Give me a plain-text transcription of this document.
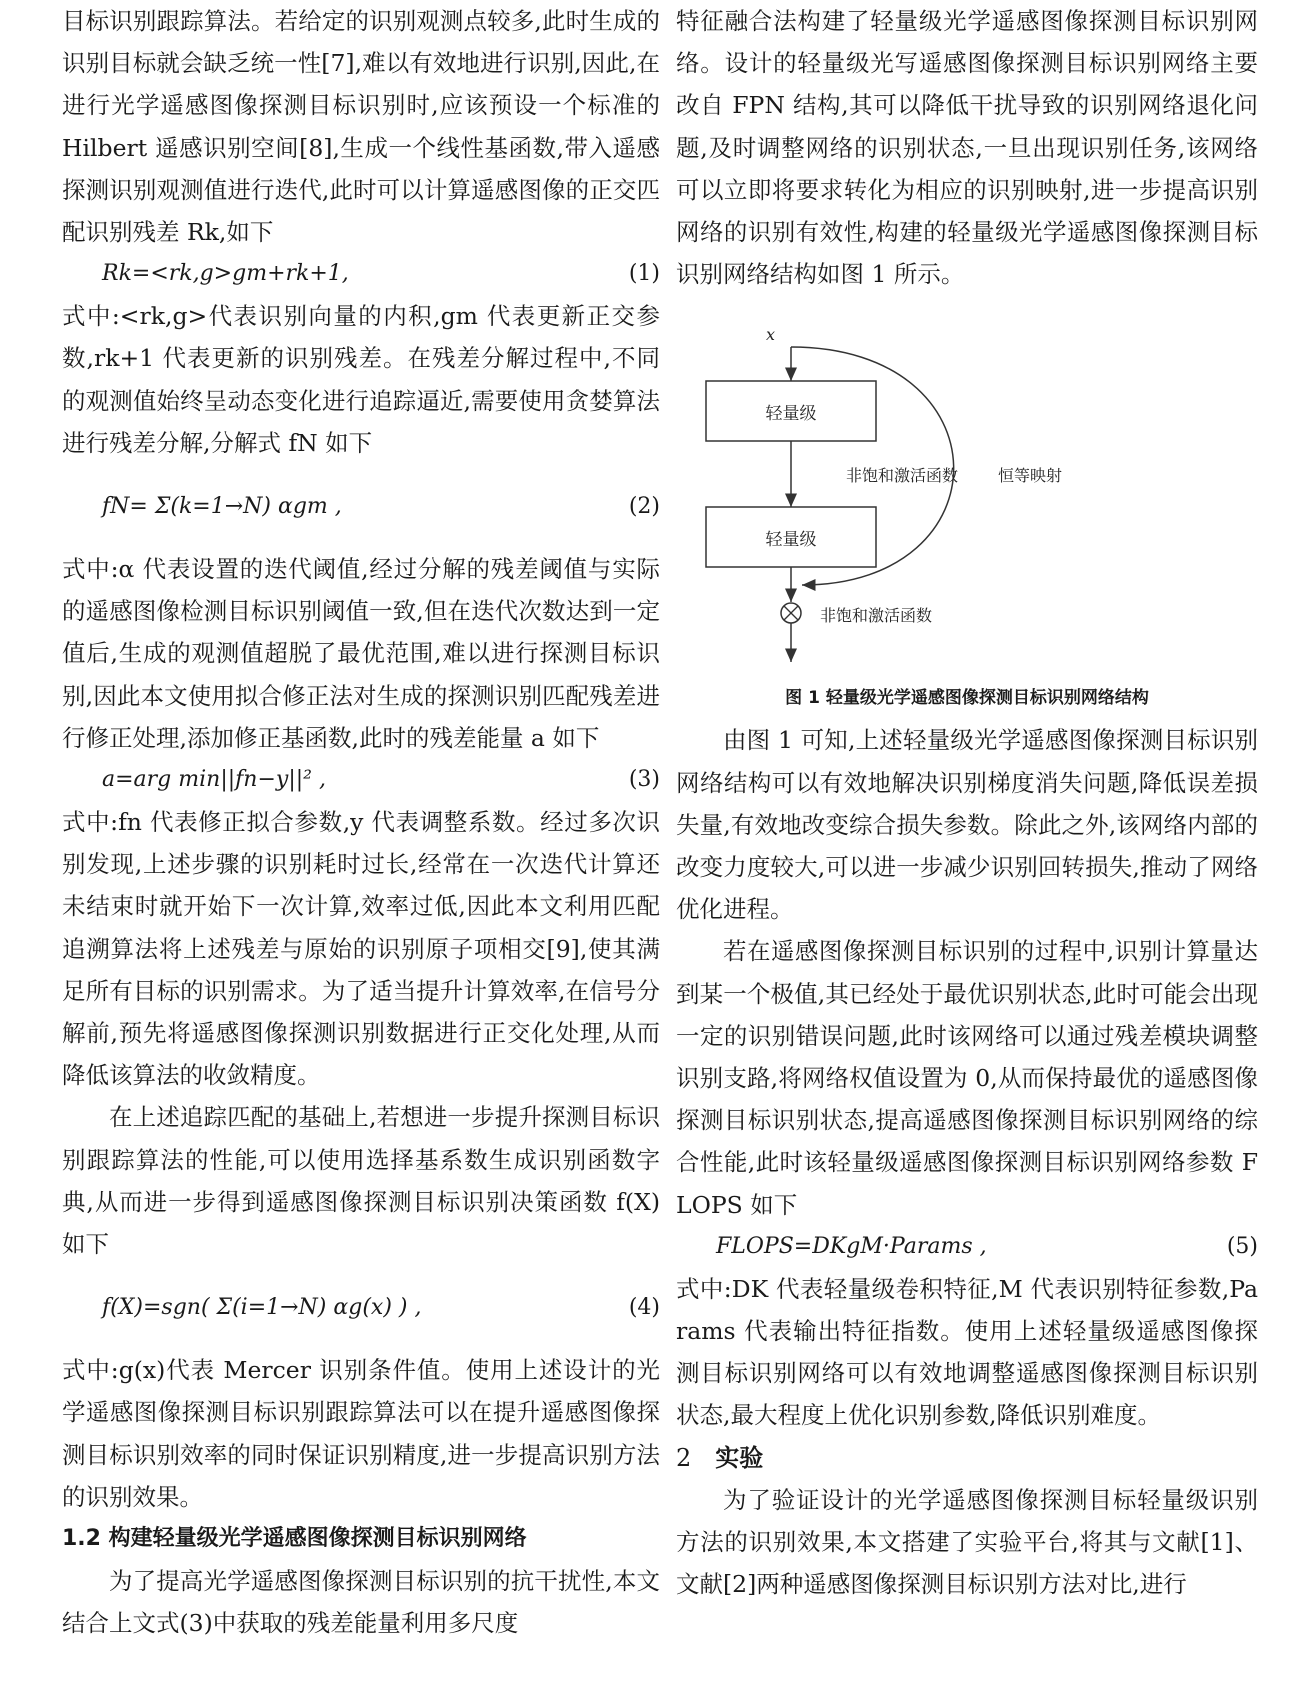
目标识别跟踪算法。若给定的识别观测点较多,此时生成的识别目标就会缺乏统一性[7],难以有效地进行识别,因此,在进行光学遥感图像探测目标识别时,应该预设一个标准的 Hilbert 遥感识别空间[8],生成一个线性基函数,带入遥感探测识别观测值进行迭代,此时可以计算遥感图像的正交匹配识别残差 Rk,如下

Rk=<rk,g>gm+rk+1,	(1)

式中:<rk,g>代表识别向量的内积,gm 代表更新正交参数,rk+1 代表更新的识别残差。在残差分解过程中,不同的观测值始终呈动态变化进行追踪逼近,需要使用贪婪算法进行残差分解,分解式 fN 如下

fN= Σ(k=1→N) αgm ,	(2)

式中:α 代表设置的迭代阈值,经过分解的残差阈值与实际的遥感图像检测目标识别阈值一致,但在迭代次数达到一定值后,生成的观测值超脱了最优范围,难以进行探测目标识别,因此本文使用拟合修正法对生成的探测识别匹配残差进行修正处理,添加修正基函数,此时的残差能量 a 如下

a=arg min||fn−y||² ,	(3)

式中:fn 代表修正拟合参数,y 代表调整系数。经过多次识别发现,上述步骤的识别耗时过长,经常在一次迭代计算还未结束时就开始下一次计算,效率过低,因此本文利用匹配追溯算法将上述残差与原始的识别原子项相交[9],使其满足所有目标的识别需求。为了适当提升计算效率,在信号分解前,预先将遥感图像探测识别数据进行正交化处理,从而降低该算法的收敛精度。

在上述追踪匹配的基础上,若想进一步提升探测目标识别跟踪算法的性能,可以使用选择基系数生成识别函数字典,从而进一步得到遥感图像探测目标识别决策函数 f(X)如下

f(X)=sgn( Σ(i=1→N) αg(x) ) ,	(4)

式中:g(x)代表 Mercer 识别条件值。使用上述设计的光学遥感图像探测目标识别跟踪算法可以在提升遥感图像探测目标识别效率的同时保证识别精度,进一步提高识别方法的识别效果。

1.2 构建轻量级光学遥感图像探测目标识别网络

为了提高光学遥感图像探测目标识别的抗干扰性,本文结合上文式(3)中获取的残差能量利用多尺度

特征融合法构建了轻量级光学遥感图像探测目标识别网络。设计的轻量级光写遥感图像探测目标识别网络主要改自 FPN 结构,其可以降低干扰导致的识别网络退化问题,及时调整网络的识别状态,一旦出现识别任务,该网络可以立即将要求转化为相应的识别映射,进一步提高识别网络的识别有效性,构建的轻量级光学遥感图像探测目标识别网络结构如图 1 所示。

x
轻量级
轻量级
非饱和激活函数 恒等映射
非饱和激活函数

图 1 轻量级光学遥感图像探测目标识别网络结构

由图 1 可知,上述轻量级光学遥感图像探测目标识别网络结构可以有效地解决识别梯度消失问题,降低误差损失量,有效地改变综合损失参数。除此之外,该网络内部的改变力度较大,可以进一步减少识别回转损失,推动了网络优化进程。

若在遥感图像探测目标识别的过程中,识别计算量达到某一个极值,其已经处于最优识别状态,此时可能会出现一定的识别错误问题,此时该网络可以通过残差模块调整识别支路,将网络权值设置为 0,从而保持最优的遥感图像探测目标识别状态,提高遥感图像探测目标识别网络的综合性能,此时该轻量级遥感图像探测目标识别网络参数 FLOPS 如下

FLOPS=DKgM·Params ,	(5)

式中:DK 代表轻量级卷积特征,M 代表识别特征参数,Params 代表输出特征指数。使用上述轻量级遥感图像探测目标识别网络可以有效地调整遥感图像探测目标识别状态,最大程度上优化识别参数,降低识别难度。

2 实验

为了验证设计的光学遥感图像探测目标轻量级识别方法的识别效果,本文搭建了实验平台,将其与文献[1]、文献[2]两种遥感图像探测目标识别方法对比,进行
